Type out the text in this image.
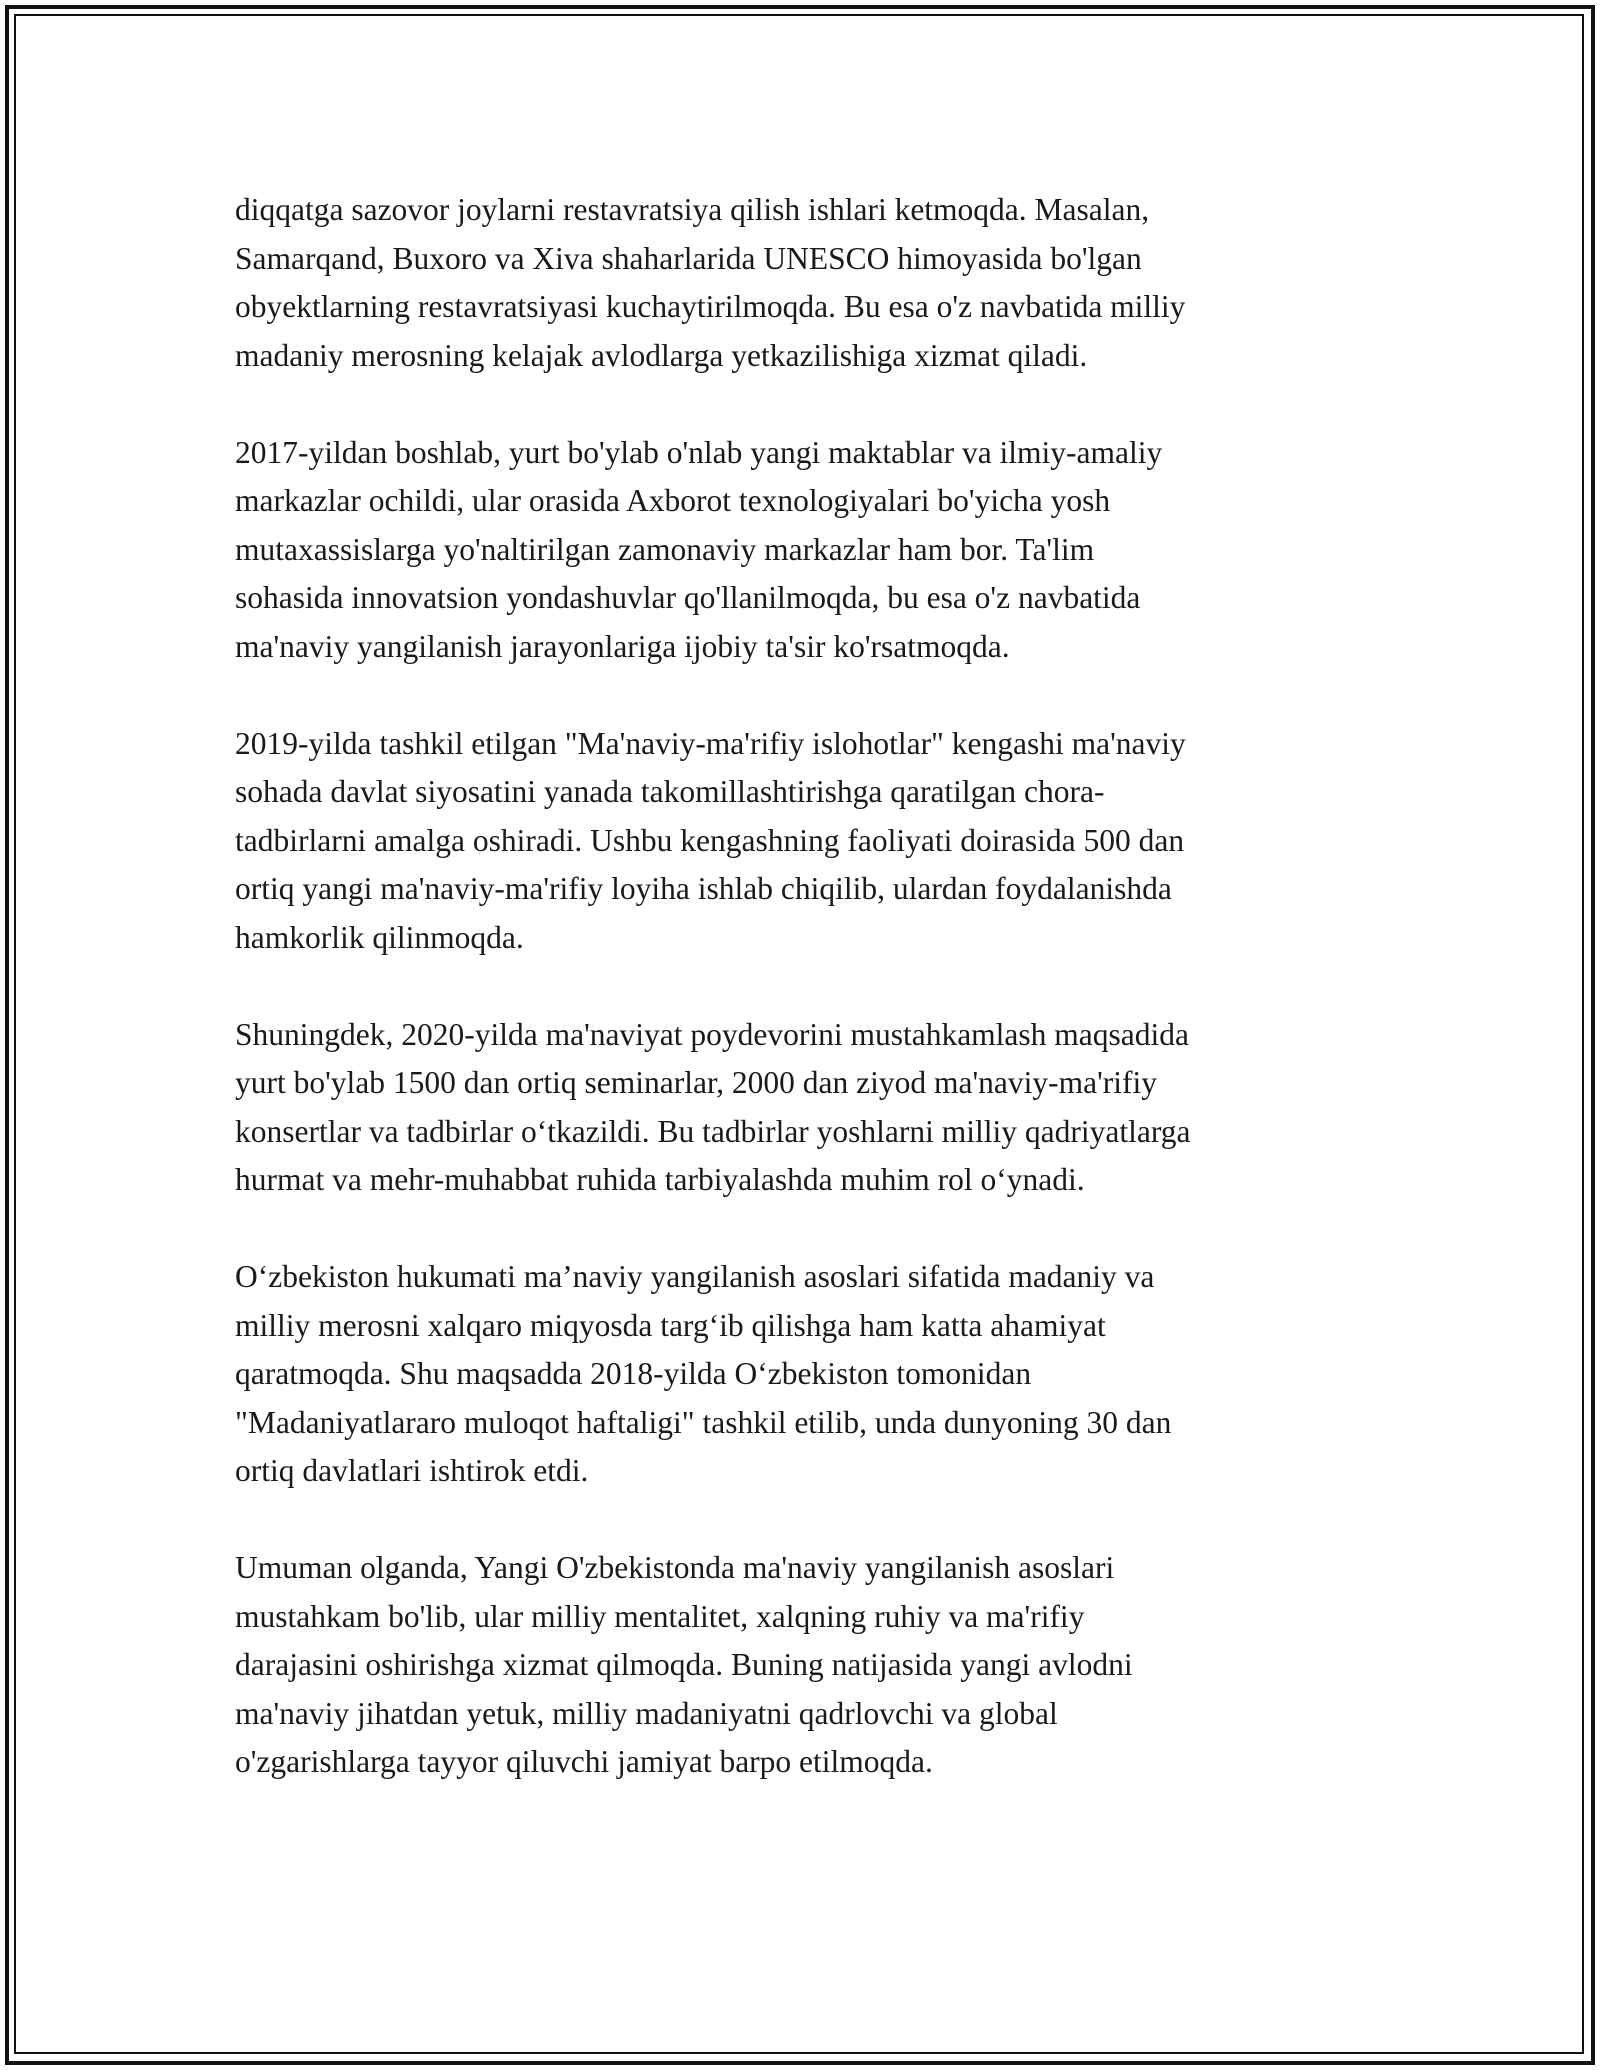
diqqatga sazovor joylarni restavratsiya qilish ishlari ketmoqda. Masalan,
Samarqand, Buxoro va Xiva shaharlarida UNESCO himoyasida bo'lgan
obyektlarning restavratsiyasi kuchaytirilmoqda. Bu esa o'z navbatida milliy
madaniy merosning kelajak avlodlarga yetkazilishiga xizmat qiladi.

2017-yildan boshlab, yurt bo'ylab o'nlab yangi maktablar va ilmiy-amaliy
markazlar ochildi, ular orasida Axborot texnologiyalari bo'yicha yosh
mutaxassislarga yo'naltirilgan zamonaviy markazlar ham bor. Ta'lim
sohasida innovatsion yondashuvlar qo'llanilmoqda, bu esa o'z navbatida
ma'naviy yangilanish jarayonlariga ijobiy ta'sir ko'rsatmoqda.

2019-yilda tashkil etilgan "Ma'naviy-ma'rifiy islohotlar" kengashi ma'naviy
sohada davlat siyosatini yanada takomillashtirishga qaratilgan chora-
tadbirlarni amalga oshiradi. Ushbu kengashning faoliyati doirasida 500 dan
ortiq yangi ma'naviy-ma'rifiy loyiha ishlab chiqilib, ulardan foydalanishda
hamkorlik qilinmoqda.

Shuningdek, 2020-yilda ma'naviyat poydevorini mustahkamlash maqsadida
yurt bo'ylab 1500 dan ortiq seminarlar, 2000 dan ziyod ma'naviy-ma'rifiy
konsertlar va tadbirlar o‘tkazildi. Bu tadbirlar yoshlarni milliy qadriyatlarga
hurmat va mehr-muhabbat ruhida tarbiyalashda muhim rol o‘ynadi.

O‘zbekiston hukumati ma’naviy yangilanish asoslari sifatida madaniy va
milliy merosni xalqaro miqyosda targ‘ib qilishga ham katta ahamiyat
qaratmoqda. Shu maqsadda 2018-yilda O‘zbekiston tomonidan
"Madaniyatlararo muloqot haftaligi" tashkil etilib, unda dunyoning 30 dan
ortiq davlatlari ishtirok etdi.

Umuman olganda, Yangi O'zbekistonda ma'naviy yangilanish asoslari
mustahkam bo'lib, ular milliy mentalitet, xalqning ruhiy va ma'rifiy
darajasini oshirishga xizmat qilmoqda. Buning natijasida yangi avlodni
ma'naviy jihatdan yetuk, milliy madaniyatni qadrlovchi va global
o'zgarishlarga tayyor qiluvchi jamiyat barpo etilmoqda.
